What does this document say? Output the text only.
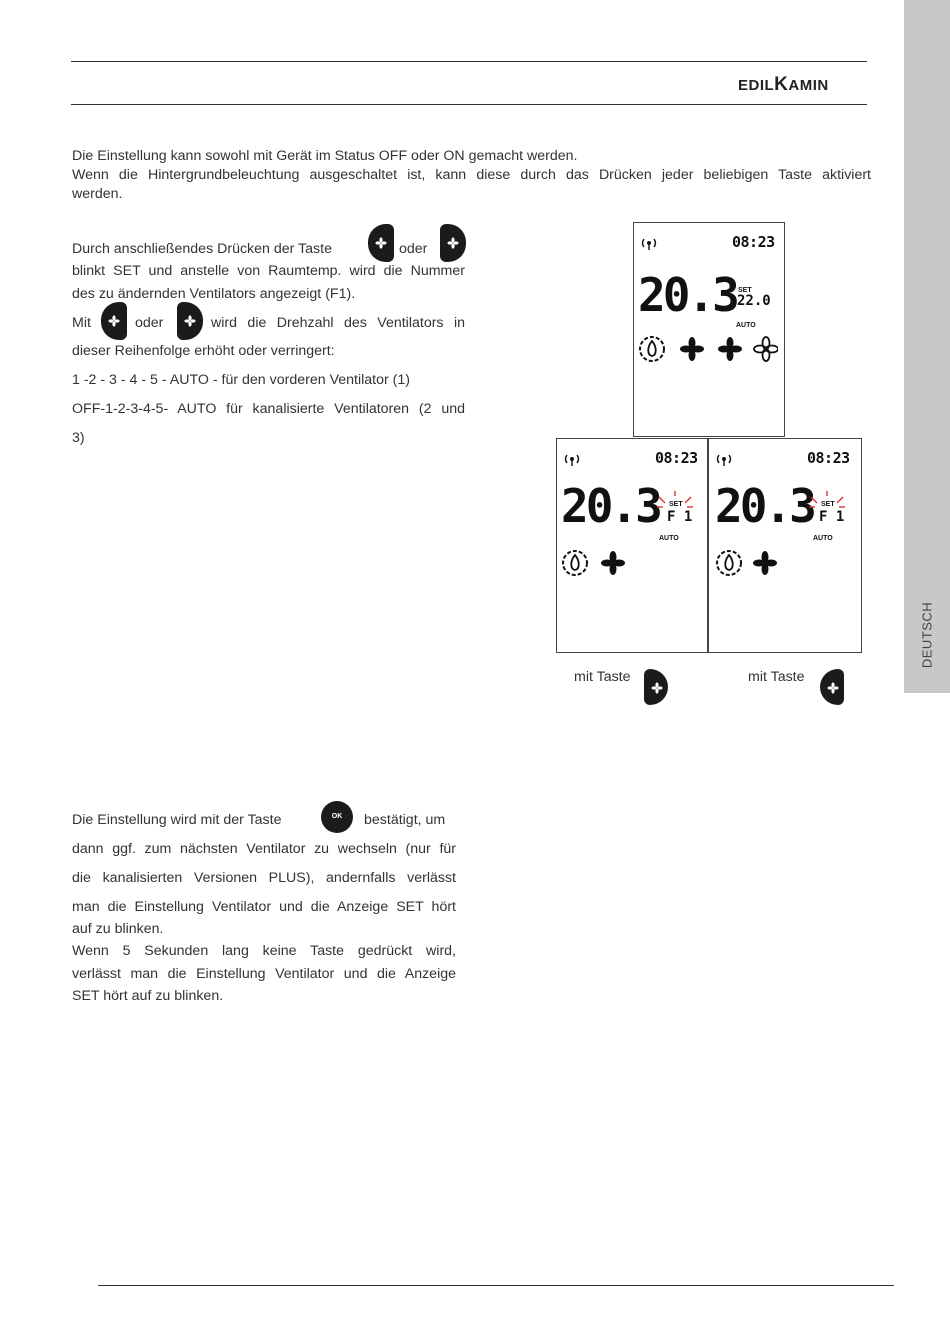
EDILKAMIN
DEUTSCH
Die Einstellung kann sowohl mit Gerät im Status OFF oder ON gemacht werden.
Wenn die Hintergrundbeleuchtung ausgeschaltet ist, kann diese durch das Drücken jeder beliebigen Taste aktiviert
werden.
Durch anschließendes Drücken der Taste	oder
blinkt SET und anstelle von Raumtemp. wird die Nummer
des zu ändernden Ventilators angezeigt (F1).
Mit	oder	wird die Drehzahl des Ventilators in
dieser Reihenfolge erhöht oder verringert:
1 -2 - 3 - 4 - 5 - AUTO - für den vorderen Ventilator (1)
OFF-1-2-3-4-5- AUTO für kanalisierte Ventilatoren (2 und
3)
08:23
20.3 SET
22.0
AUTO
08:23
20.3 SET
F 1
AUTO
08:23
20.3 SET
F 1
AUTO
mit Taste	mit Taste
Die Einstellung wird mit der Taste	OK	bestätigt, um
dann ggf. zum nächsten Ventilator zu wechseln (nur für
die kanalisierten Versionen PLUS), andernfalls verlässt
man die Einstellung Ventilator und die Anzeige SET hört
auf zu blinken.
Wenn 5 Sekunden lang keine Taste gedrückt wird,
verlässt man die Einstellung Ventilator und die Anzeige
SET hört auf zu blinken.
